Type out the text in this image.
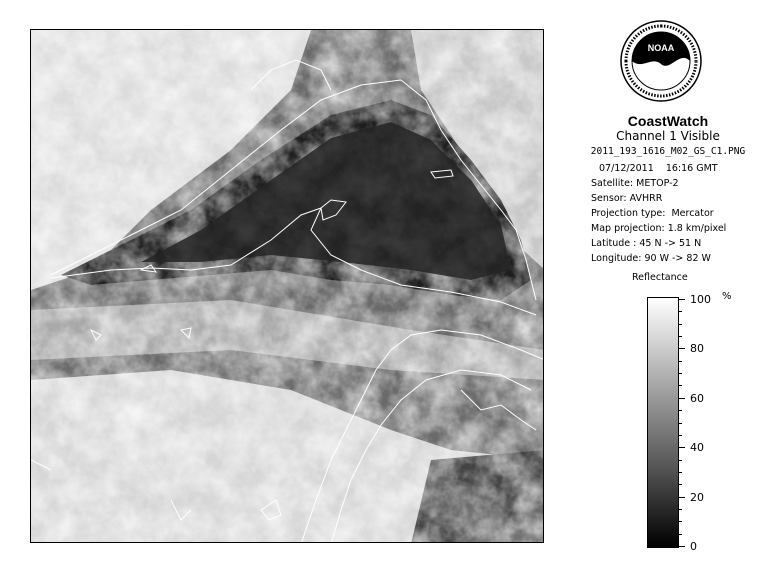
NOAA
CoastWatch
Channel 1 Visible
2011_193_1616_M02_GS_C1.PNG
07/12/2011    16:16 GMT
Satellite: METOP-2
Sensor: AVHRR
Projection type:  Mercator
Map projection: 1.8 km/pixel
Latitude : 45 N -> 51 N
Longitude: 90 W -> 82 W
Reflectance
%
100
80
60
40
20
0
